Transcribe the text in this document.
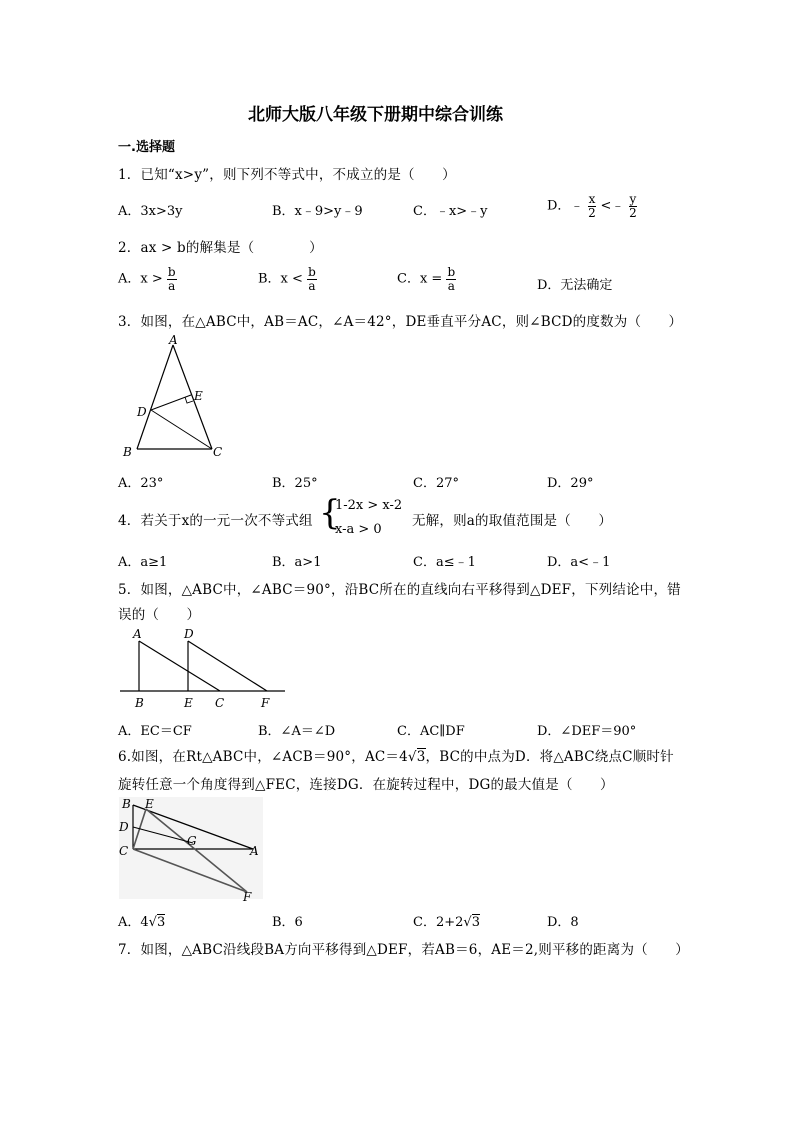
北师大版八年级下册期中综合训练
一.选择题
1．已知“x>y”，则下列不等式中，不成立的是（　　）
A．3x>3y	B．x﹣9>y﹣9	C．﹣x>﹣y	D．﹣ $\frac{x}{2}$ <﹣ $\frac{y}{2}$
2．ax > b的解集是（　　　　）
A．$x > \frac{b}{a}$	B．$x < \frac{b}{a}$	C．$x = \frac{b}{a}$	D．无法确定
3．如图，在△ABC中，AB＝AC，∠A＝42°，DE垂直平分AC，则∠BCD的度数为（　　）
A
E
D
B	C
A．23°	B．25°	C．27°	D．29°
4．若关于x的一元一次不等式组 {
1-2x > x-2
x-a > 0
无解，则a的取值范围是（　　）
A．a≥1	B．a>1	C．a≤﹣1	D．a<﹣1
5．如图，△ABC中，∠ABC＝90°，沿BC所在的直线向右平移得到△DEF，下列结论中，错
误的（　　）
A	D
B	E C	F
A．EC＝CF	B．∠A＝∠D	C．AC∥DF	D．∠DEF＝90°
6.如图，在Rt△ABC中，∠ACB＝90°，AC＝4√3，BC的中点为D．将△ABC绕点C顺时针
旋转任意一个角度得到△FEC，连接DG．在旋转过程中，DG的最大值是（　　）
B E
D
C
G
A
F
A．4√3	B．6	C．2+2√3	D．8
7．如图，△ABC沿线段BA方向平移得到△DEF，若AB＝6，AE＝2,则平移的距离为（　　）
